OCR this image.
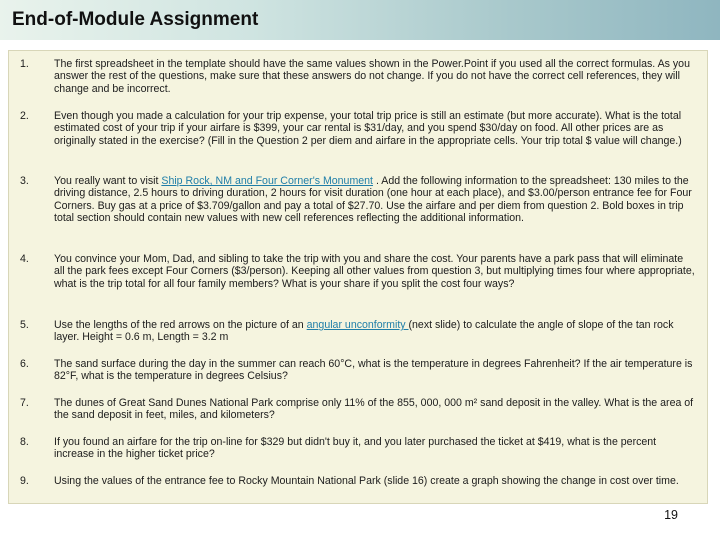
End-of-Module Assignment
1. The first spreadsheet in the template should have the same values shown in the Power.Point if you used all the correct formulas. As you answer the rest of the questions, make sure that these answers do not change. If you do not have the correct cell references, they will change and be incorrect.
2. Even though you made a calculation for your trip expense, your total trip price is still an estimate (but more accurate). What is the total estimated cost of your trip if your airfare is $399, your car rental is $31/day, and you spend $30/day on food. All other prices are as originally stated in the exercise? (Fill in the Question 2 per diem and airfare in the appropriate cells. Your trip total $ value will change.)
3. You really want to visit Ship Rock, NM and Four Corner's Monument . Add the following information to the spreadsheet: 130 miles to the driving distance, 2.5 hours to driving duration, 2 hours for visit duration (one hour at each place), and $3.00/person entrance fee for Four Corners. Buy gas at a price of $3.709/gallon and pay a total of $27.70. Use the airfare and per diem from question 2. Bold boxes in trip total section should contain new values with new cell references reflecting the additional information.
4. You convince your Mom, Dad, and sibling to take the trip with you and share the cost. Your parents have a park pass that will eliminate all the park fees except Four Corners ($3/person). Keeping all other values from question 3, but multiplying times four where appropriate, what is the trip total for all four family members? What is your share if you split the cost four ways?
5. Use the lengths of the red arrows on the picture of an angular unconformity (next slide) to calculate the angle of slope of the tan rock layer. Height = 0.6 m, Length = 3.2 m
6. The sand surface during the day in the summer can reach 60°C, what is the temperature in degrees Fahrenheit? If the air temperature is 82°F, what is the temperature in degrees Celsius?
7. The dunes of Great Sand Dunes National Park comprise only 11% of the 855, 000, 000 m² sand deposit in the valley. What is the area of the sand deposit in feet, miles, and kilometers?
8. If you found an airfare for the trip on-line for $329 but didn't buy it, and you later purchased the ticket at $419, what is the percent increase in the higher ticket price?
9. Using the values of the entrance fee to Rocky Mountain National Park (slide 16) create a graph showing the change in cost over time.
19
